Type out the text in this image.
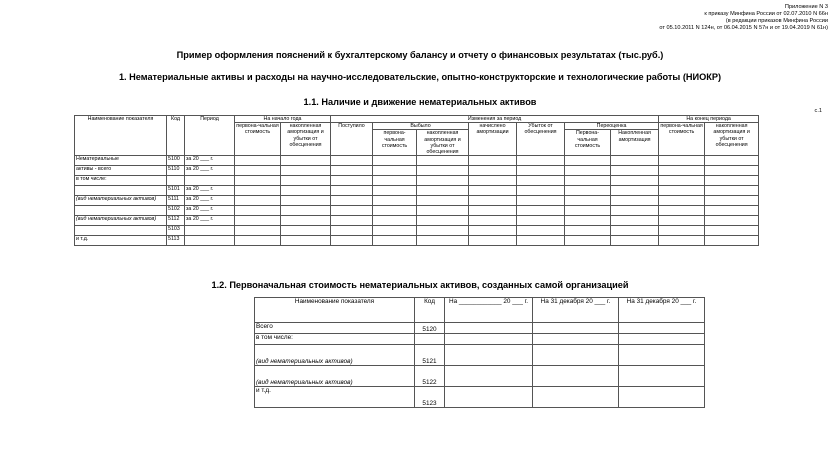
Приложение N 3
к приказу Минфина России от 02.07.2010 N 66н
(в редакции приказов Минфина России
от 05.10.2011 N 124н, от 06.04.2015 N 57н и от 19.04.2019 N 61н)
Пример оформления пояснений к бухгалтерскому балансу и отчету о финансовых результатах (тыс.руб.)
1. Нематериальные активы и расходы на научно-исследовательские, опытно-конструкторские и технологические работы (НИОКР)
1.1. Наличие и движение нематериальных активов
с.1
Наименование показателя	Код	Период	На начало года		Изменения за период							На конец периода	
			первона-чальная стоимость	накопленная амортизация и убытки от обесценения	Поступило	Выбыло		начислено амортизации	Убыток от обесценения	Переоценка		первона-чальная стоимость	накопленная амортизация и убытки от обесценения
						первона-чальная стоимость	накопленная амортизация и убытки от обесценения			Первона-чальная стоимость	Накопленная амортизация		
Нематериальные	5100	за 20 ___ г.											
активы - всего	5110	за 20 ___ г.											
в том числе:													
	5101	за 20 ___ г.											
(вид нематериальных активов)	5111	за 20 ___ г.											
	5102	за 20 ___ г.											
(вид нематериальных активов)	5112	за 20 ___ г.											
	5103												
и т.д.	5113												
1.2. Первоначальная стоимость нематериальных активов, созданных самой организацией
Наименование показателя	Код	На ____________ 20 ___ г.	На 31 декабря 20 ___ г.	На 31 декабря 20 ___ г.
Всего	5120			
в том числе:				
(вид нематериальных активов)	5121			
(вид нематериальных активов)	5122			
и т.д.	5123			
